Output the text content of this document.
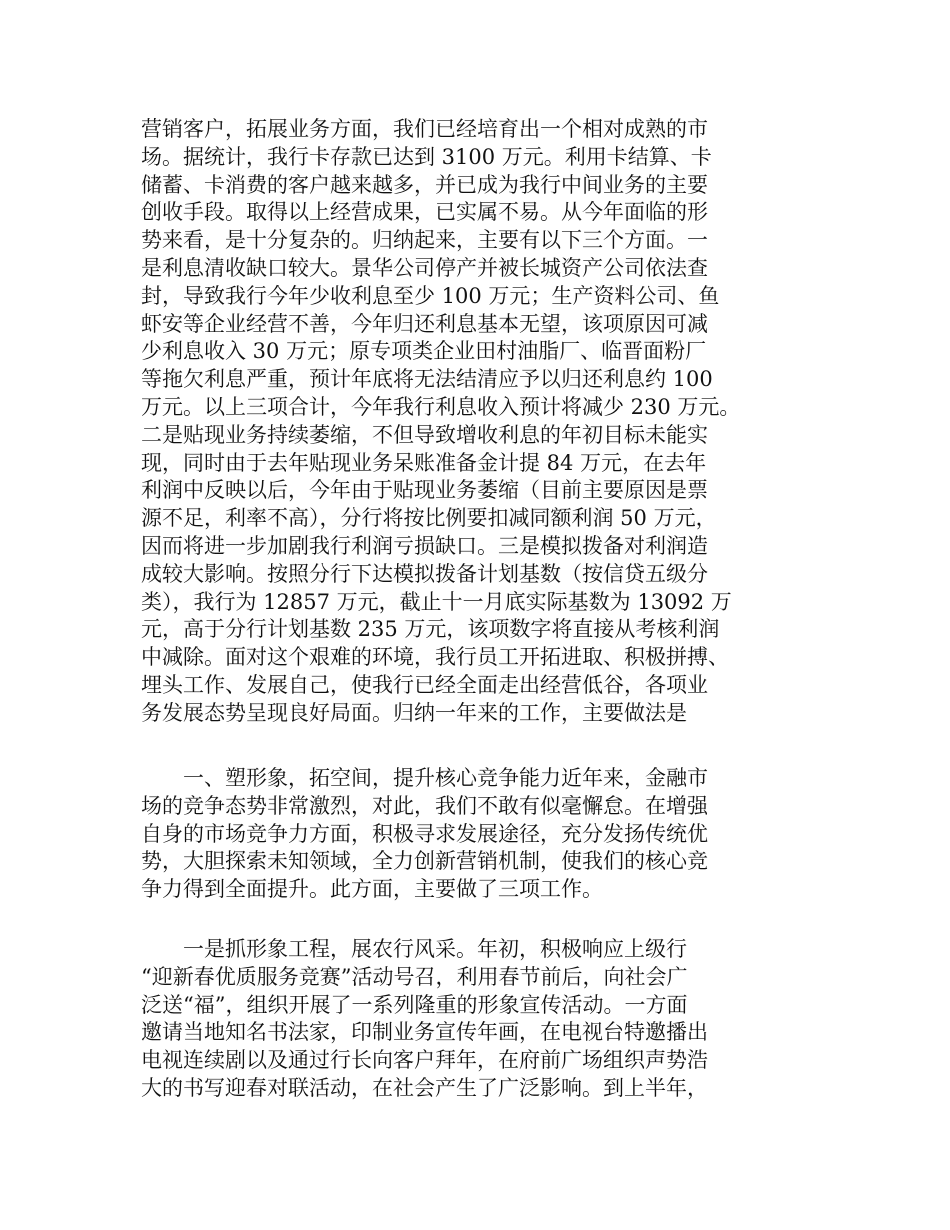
营销客户，拓展业务方面，我们已经培育出一个相对成熟的市
场。据统计，我行卡存款已达到 3100 万元。利用卡结算、卡
储蓄、卡消费的客户越来越多，并已成为我行中间业务的主要
创收手段。取得以上经营成果，已实属不易。从今年面临的形
势来看，是十分复杂的。归纳起来，主要有以下三个方面。一
是利息清收缺口较大。景华公司停产并被长城资产公司依法查
封，导致我行今年少收利息至少 100 万元；生产资料公司、鱼
虾安等企业经营不善，今年归还利息基本无望，该项原因可减
少利息收入 30 万元；原专项类企业田村油脂厂、临晋面粉厂
等拖欠利息严重，预计年底将无法结清应予以归还利息约 100
万元。以上三项合计，今年我行利息收入预计将减少 230 万元。
二是贴现业务持续萎缩，不但导致增收利息的年初目标未能实
现，同时由于去年贴现业务呆账准备金计提 84 万元，在去年
利润中反映以后，今年由于贴现业务萎缩（目前主要原因是票
源不足，利率不高），分行将按比例要扣减同额利润 50 万元，
因而将进一步加剧我行利润亏损缺口。三是模拟拨备对利润造
成较大影响。按照分行下达模拟拨备计划基数（按信贷五级分
类），我行为 12857 万元，截止十一月底实际基数为 13092 万
元，高于分行计划基数 235 万元，该项数字将直接从考核利润
中减除。面对这个艰难的环境，我行员工开拓进取、积极拼搏、
埋头工作、发展自己，使我行已经全面走出经营低谷，各项业
务发展态势呈现良好局面。归纳一年来的工作，主要做法是
　　一、塑形象，拓空间，提升核心竞争能力近年来，金融市
场的竞争态势非常激烈，对此，我们不敢有似毫懈怠。在增强
自身的市场竞争力方面，积极寻求发展途径，充分发扬传统优
势，大胆探索未知领域，全力创新营销机制，使我们的核心竞
争力得到全面提升。此方面，主要做了三项工作。
　　一是抓形象工程，展农行风采。年初，积极响应上级行
“迎新春优质服务竞赛”活动号召，利用春节前后，向社会广
泛送“福”，组织开展了一系列隆重的形象宣传活动。一方面
邀请当地知名书法家，印制业务宣传年画，在电视台特邀播出
电视连续剧以及通过行长向客户拜年，在府前广场组织声势浩
大的书写迎春对联活动，在社会产生了广泛影响。到上半年，
